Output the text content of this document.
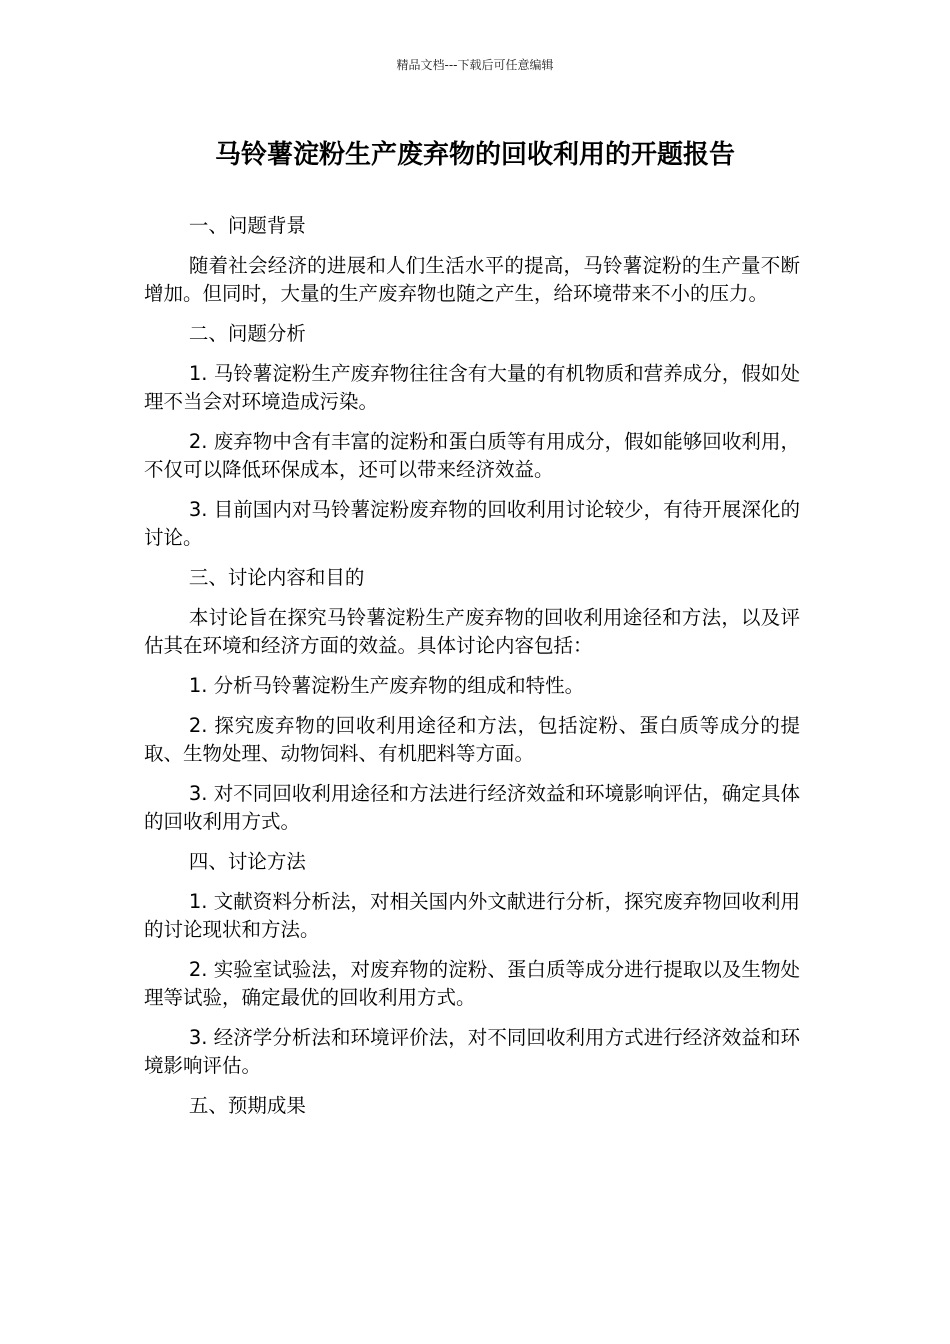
精品文档---下载后可任意编辑
马铃薯淀粉生产废弃物的回收利用的开题报告

一、问题背景

随着社会经济的进展和人们生活水平的提高，马铃薯淀粉的生产量不断增加。但同时，大量的生产废弃物也随之产生，给环境带来不小的压力。

二、问题分析

1. 马铃薯淀粉生产废弃物往往含有大量的有机物质和营养成分，假如处理不当会对环境造成污染。

2. 废弃物中含有丰富的淀粉和蛋白质等有用成分，假如能够回收利用，不仅可以降低环保成本，还可以带来经济效益。

3. 目前国内对马铃薯淀粉废弃物的回收利用讨论较少，有待开展深化的讨论。

三、讨论内容和目的

本讨论旨在探究马铃薯淀粉生产废弃物的回收利用途径和方法，以及评估其在环境和经济方面的效益。具体讨论内容包括：

1. 分析马铃薯淀粉生产废弃物的组成和特性。

2. 探究废弃物的回收利用途径和方法，包括淀粉、蛋白质等成分的提取、生物处理、动物饲料、有机肥料等方面。

3. 对不同回收利用途径和方法进行经济效益和环境影响评估，确定具体的回收利用方式。

四、讨论方法

1. 文献资料分析法，对相关国内外文献进行分析，探究废弃物回收利用的讨论现状和方法。

2. 实验室试验法，对废弃物的淀粉、蛋白质等成分进行提取以及生物处理等试验，确定最优的回收利用方式。

3. 经济学分析法和环境评价法，对不同回收利用方式进行经济效益和环境影响评估。

五、预期成果
